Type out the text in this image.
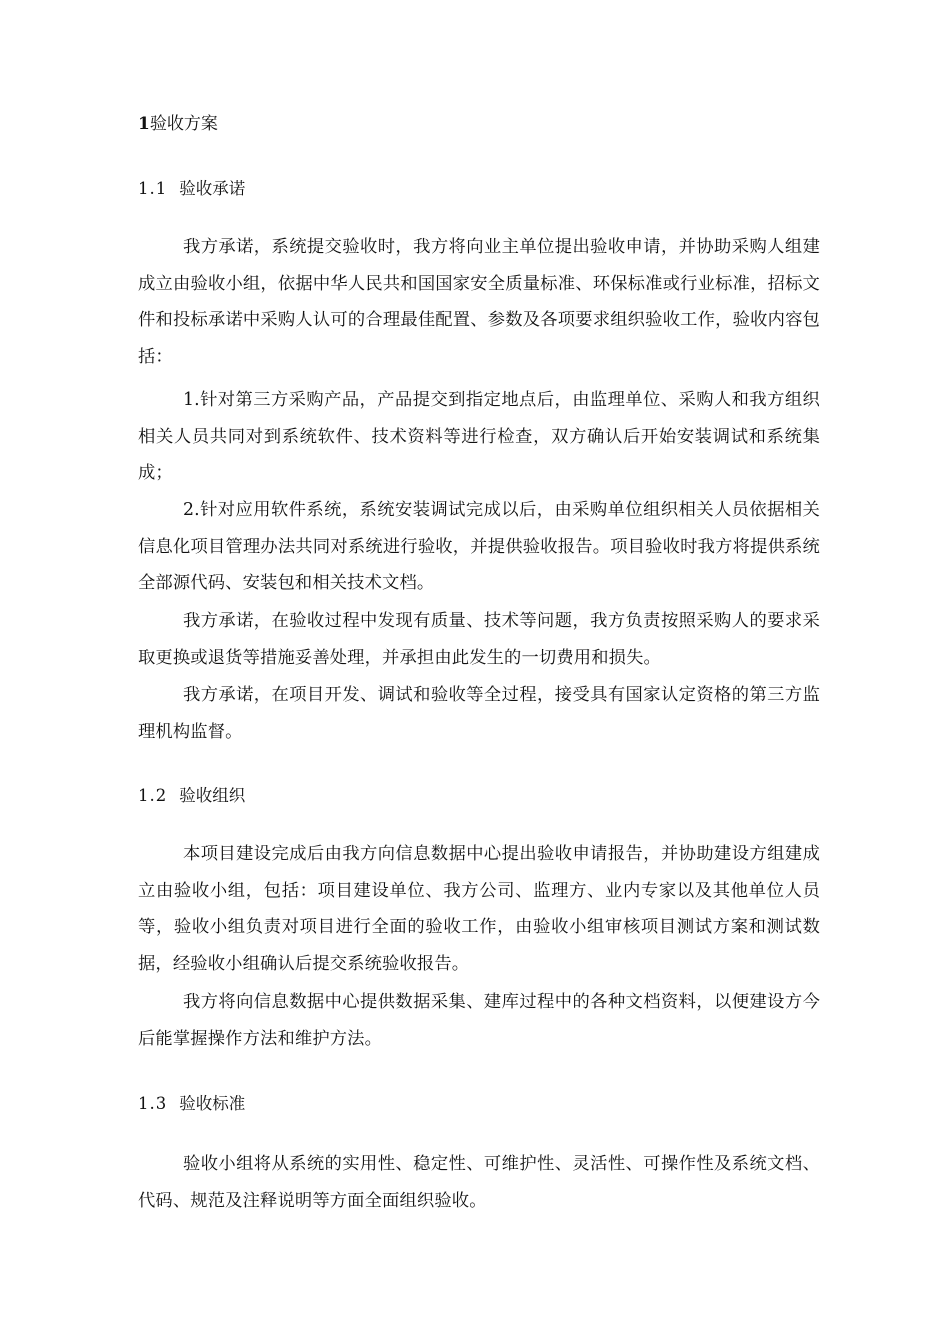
1验收方案
1.1 验收承诺

我方承诺，系统提交验收时，我方将向业主单位提出验收申请，并协助采购人组建成立由验收小组，依据中华人民共和国国家安全质量标准、环保标准或行业标准，招标文件和投标承诺中采购人认可的合理最佳配置、参数及各项要求组织验收工作，验收内容包括：

1.针对第三方采购产品，产品提交到指定地点后，由监理单位、采购人和我方组织相关人员共同对到系统软件、技术资料等进行检查，双方确认后开始安装调试和系统集成；

2.针对应用软件系统，系统安装调试完成以后，由采购单位组织相关人员依据相关信息化项目管理办法共同对系统进行验收，并提供验收报告。项目验收时我方将提供系统全部源代码、安装包和相关技术文档。

我方承诺，在验收过程中发现有质量、技术等问题，我方负责按照采购人的要求采取更换或退货等措施妥善处理，并承担由此发生的一切费用和损失。

我方承诺，在项目开发、调试和验收等全过程，接受具有国家认定资格的第三方监理机构监督。

1.2 验收组织

本项目建设完成后由我方向信息数据中心提出验收申请报告，并协助建设方组建成立由验收小组，包括：项目建设单位、我方公司、监理方、业内专家以及其他单位人员等，验收小组负责对项目进行全面的验收工作，由验收小组审核项目测试方案和测试数据，经验收小组确认后提交系统验收报告。

我方将向信息数据中心提供数据采集、建库过程中的各种文档资料，以便建设方今后能掌握操作方法和维护方法。

1.3 验收标准

验收小组将从系统的实用性、稳定性、可维护性、灵活性、可操作性及系统文档、代码、规范及注释说明等方面全面组织验收。
